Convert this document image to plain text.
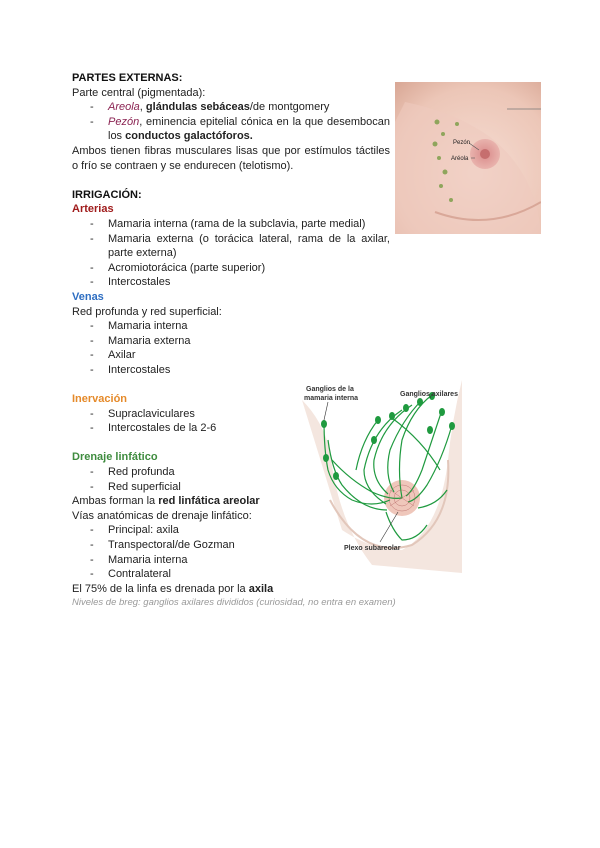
PARTES EXTERNAS:
Parte central (pigmentada):
- Areola, glándulas sebáceas/de montgomery
- Pezón, eminencia epitelial cónica en la que desembocan los conductos galactóforos.
Ambos tienen fibras musculares lisas que por estímulos táctiles o frío se contraen y se endurecen (telotismo).
IRRIGACIÓN:
Arterias
- Mamaria interna (rama de la subclavia, parte medial)
- Mamaria externa (o torácica lateral, rama de la axilar, parte externa)
- Acromiotorácica (parte superior)
- Intercostales
Venas
Red profunda y red superficial:
- Mamaria interna
- Mamaria externa
- Axilar
- Intercostales
Inervación
- Supraclaviculares
- Intercostales de la 2-6
Drenaje linfático
- Red profunda
- Red superficial
Ambas forman la red linfática areolar
Vías anatómicas de drenaje linfático:
- Principal: axila
- Transpectoral/de Gozman
- Mamaria interna
- Contralateral
El 75% de la linfa es drenada por la axila
Niveles de breg: ganglios axilares divididos (curiosidad, no entra en examen)
Pezón
Aréola
Ganglios de la
mamaria interna
Ganglios axilares
Plexo subareolar
